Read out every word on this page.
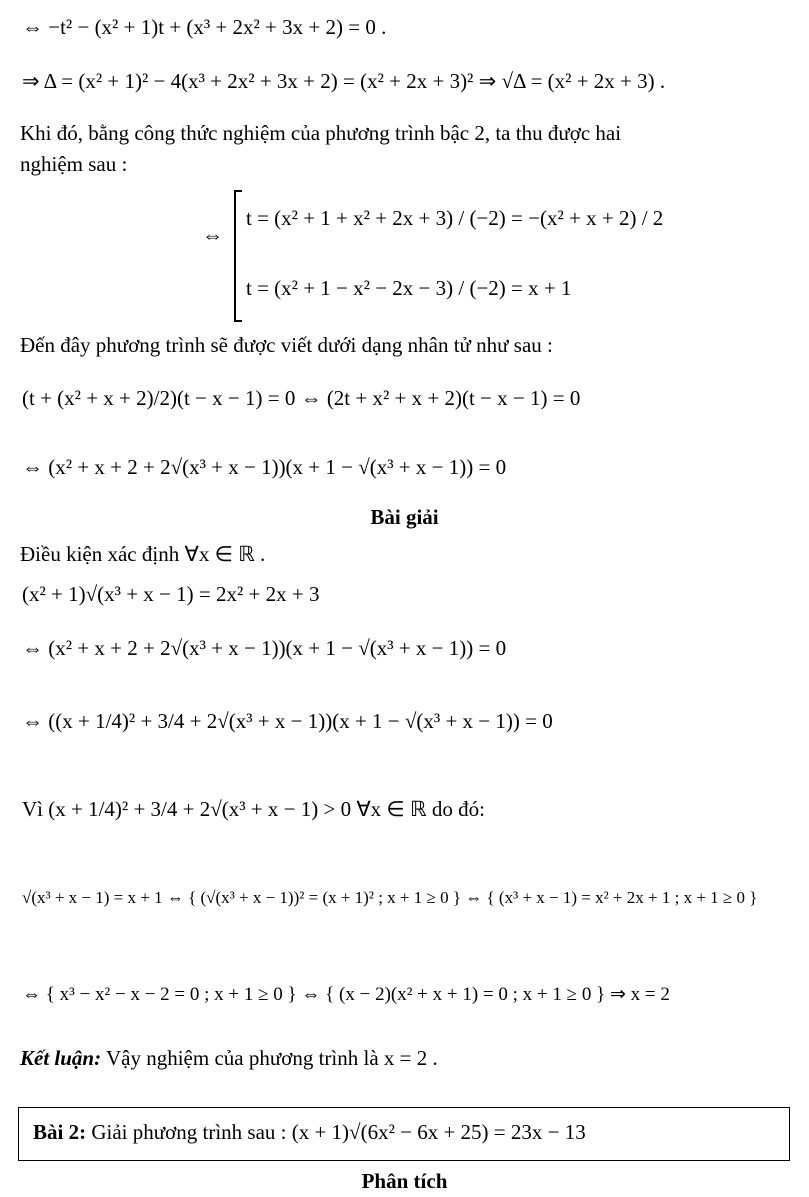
⇔ −t² − (x² + 1)t + (x³ + 2x² + 3x + 2) = 0 .
⇒ Δ = (x² + 1)² − 4(x³ + 2x² + 3x + 2) = (x² + 2x + 3)² ⇒ √Δ = (x² + 2x + 3) .
Khi đó, bằng công thức nghiệm của phương trình bậc 2, ta thu được hai
nghiệm sau :
⇔
t = (x² + 1 + x² + 2x + 3) / (−2) = −(x² + x + 2) / 2
t = (x² + 1 − x² − 2x − 3) / (−2) = x + 1
Đến đây phương trình sẽ được viết dưới dạng nhân tử như sau :
(t + (x² + x + 2)/2)(t − x − 1) = 0 ⇔ (2t + x² + x + 2)(t − x − 1) = 0
⇔ (x² + x + 2 + 2√(x³ + x − 1))(x + 1 − √(x³ + x − 1)) = 0
Bài giải
Điều kiện xác định ∀x ∈ ℝ .
(x² + 1)√(x³ + x − 1) = 2x² + 2x + 3
⇔ (x² + x + 2 + 2√(x³ + x − 1))(x + 1 − √(x³ + x − 1)) = 0
⇔ ((x + 1/4)² + 3/4 + 2√(x³ + x − 1))(x + 1 − √(x³ + x − 1)) = 0
Vì (x + 1/4)² + 3/4 + 2√(x³ + x − 1) > 0 ∀x ∈ ℝ do đó:
√(x³ + x − 1) = x + 1 ⇔ { (√(x³ + x − 1))² = (x + 1)² ; x + 1 ≥ 0 } ⇔ { (x³ + x − 1) = x² + 2x + 1 ; x + 1 ≥ 0 }
⇔ { x³ − x² − x − 2 = 0 ; x + 1 ≥ 0 } ⇔ { (x − 2)(x² + x + 1) = 0 ; x + 1 ≥ 0 } ⇒ x = 2
Kết luận: Vậy nghiệm của phương trình là x = 2 .
Bài 2: Giải phương trình sau : (x + 1)√(6x² − 6x + 25) = 23x − 13
Phân tích
